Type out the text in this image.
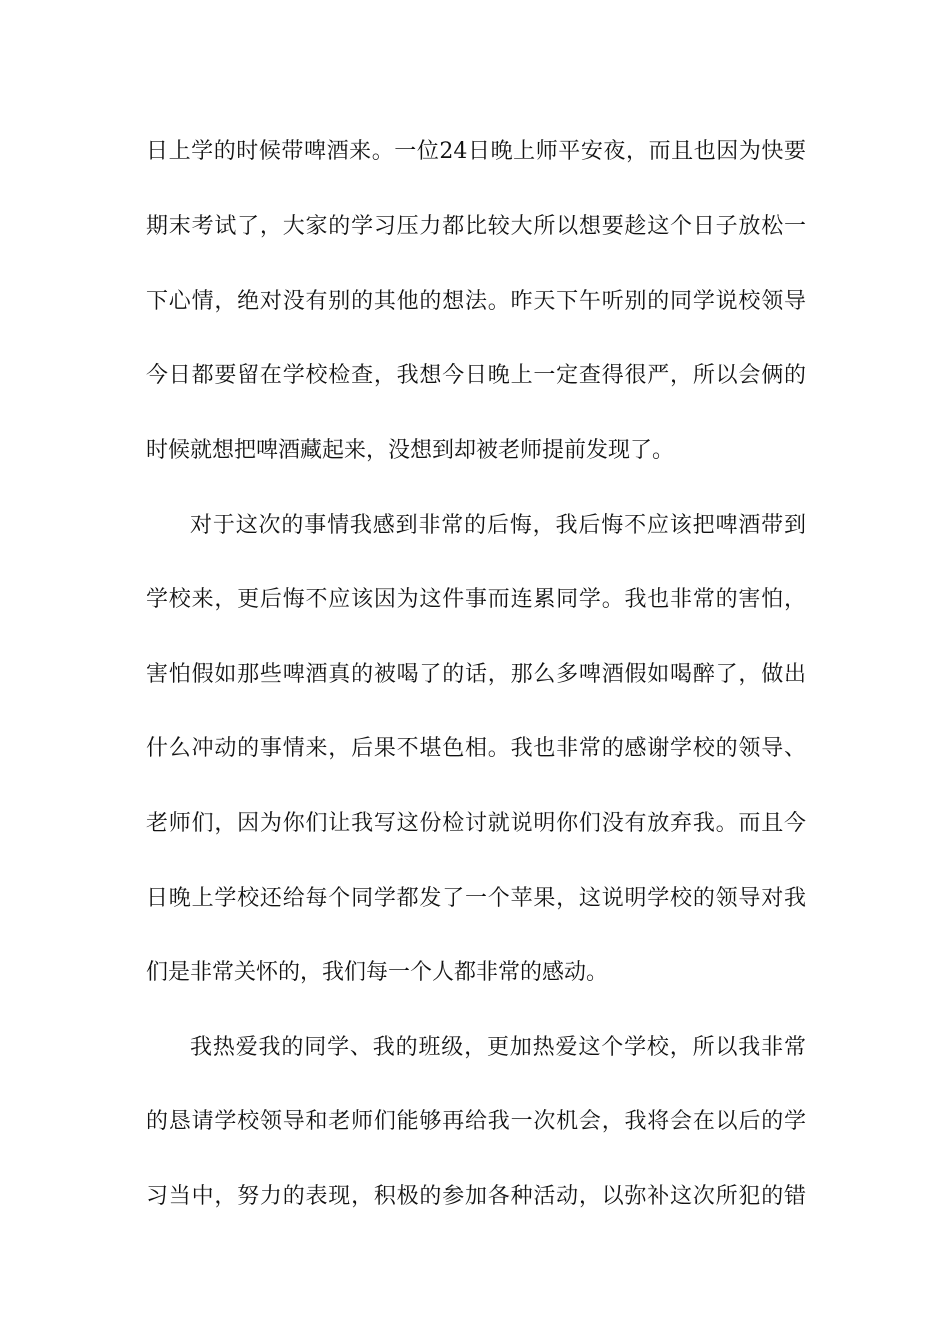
日上学的时候带啤酒来。一位24日晚上师平安夜，而且也因为快要
期末考试了，大家的学习压力都比较大所以想要趁这个日子放松一
下心情，绝对没有别的其他的想法。昨天下午听别的同学说校领导
今日都要留在学校检查，我想今日晚上一定查得很严，所以会俩的
时候就想把啤酒藏起来，没想到却被老师提前发现了。
对于这次的事情我感到非常的后悔，我后悔不应该把啤酒带到
学校来，更后悔不应该因为这件事而连累同学。我也非常的害怕，
害怕假如那些啤酒真的被喝了的话，那么多啤酒假如喝醉了，做出
什么冲动的事情来，后果不堪色相。我也非常的感谢学校的领导、
老师们，因为你们让我写这份检讨就说明你们没有放弃我。而且今
日晚上学校还给每个同学都发了一个苹果，这说明学校的领导对我
们是非常关怀的，我们每一个人都非常的感动。
我热爱我的同学、我的班级，更加热爱这个学校，所以我非常
的恳请学校领导和老师们能够再给我一次机会，我将会在以后的学
习当中，努力的表现，积极的参加各种活动，以弥补这次所犯的错
